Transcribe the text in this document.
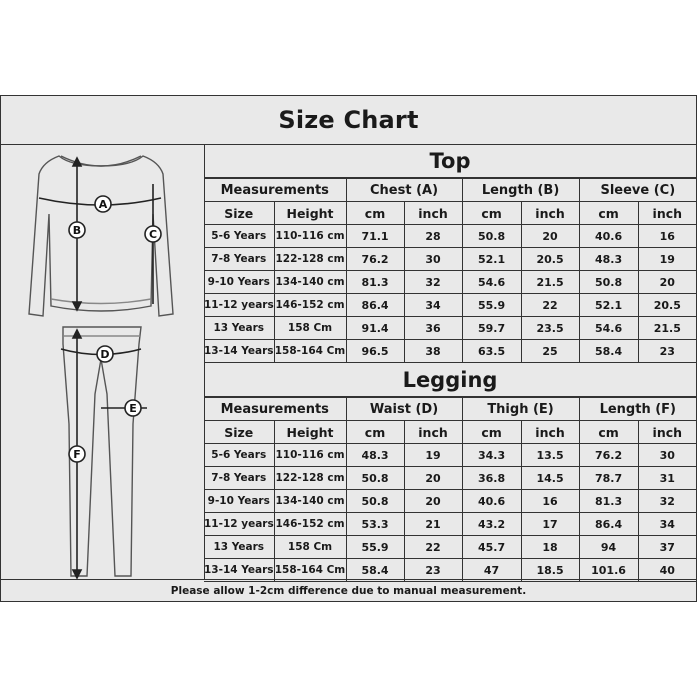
Size Chart
A
B	C
D
E
F
Top
Measurements		Chest (A)		Length (B)		Sleeve (C)	
Size	Height	cm	inch	cm	inch	cm	inch
5-6 Years	110-116 cm	71.1	28	50.8	20	40.6	16
7-8 Years	122-128 cm	76.2	30	52.1	20.5	48.3	19
9-10 Years	134-140 cm	81.3	32	54.6	21.5	50.8	20
11-12 years	146-152 cm	86.4	34	55.9	22	52.1	20.5
13 Years	158 Cm	91.4	36	59.7	23.5	54.6	21.5
13-14 Years	158-164 Cm	96.5	38	63.5	25	58.4	23
Legging
Measurements		Waist (D)		Thigh (E)		Length (F)	
Size	Height	cm	inch	cm	inch	cm	inch
5-6 Years	110-116 cm	48.3	19	34.3	13.5	76.2	30
7-8 Years	122-128 cm	50.8	20	36.8	14.5	78.7	31
9-10 Years	134-140 cm	50.8	20	40.6	16	81.3	32
11-12 years	146-152 cm	53.3	21	43.2	17	86.4	34
13 Years	158 Cm	55.9	22	45.7	18	94	37
13-14 Years	158-164 Cm	58.4	23	47	18.5	101.6	40
Please allow 1-2cm difference due to manual measurement.
